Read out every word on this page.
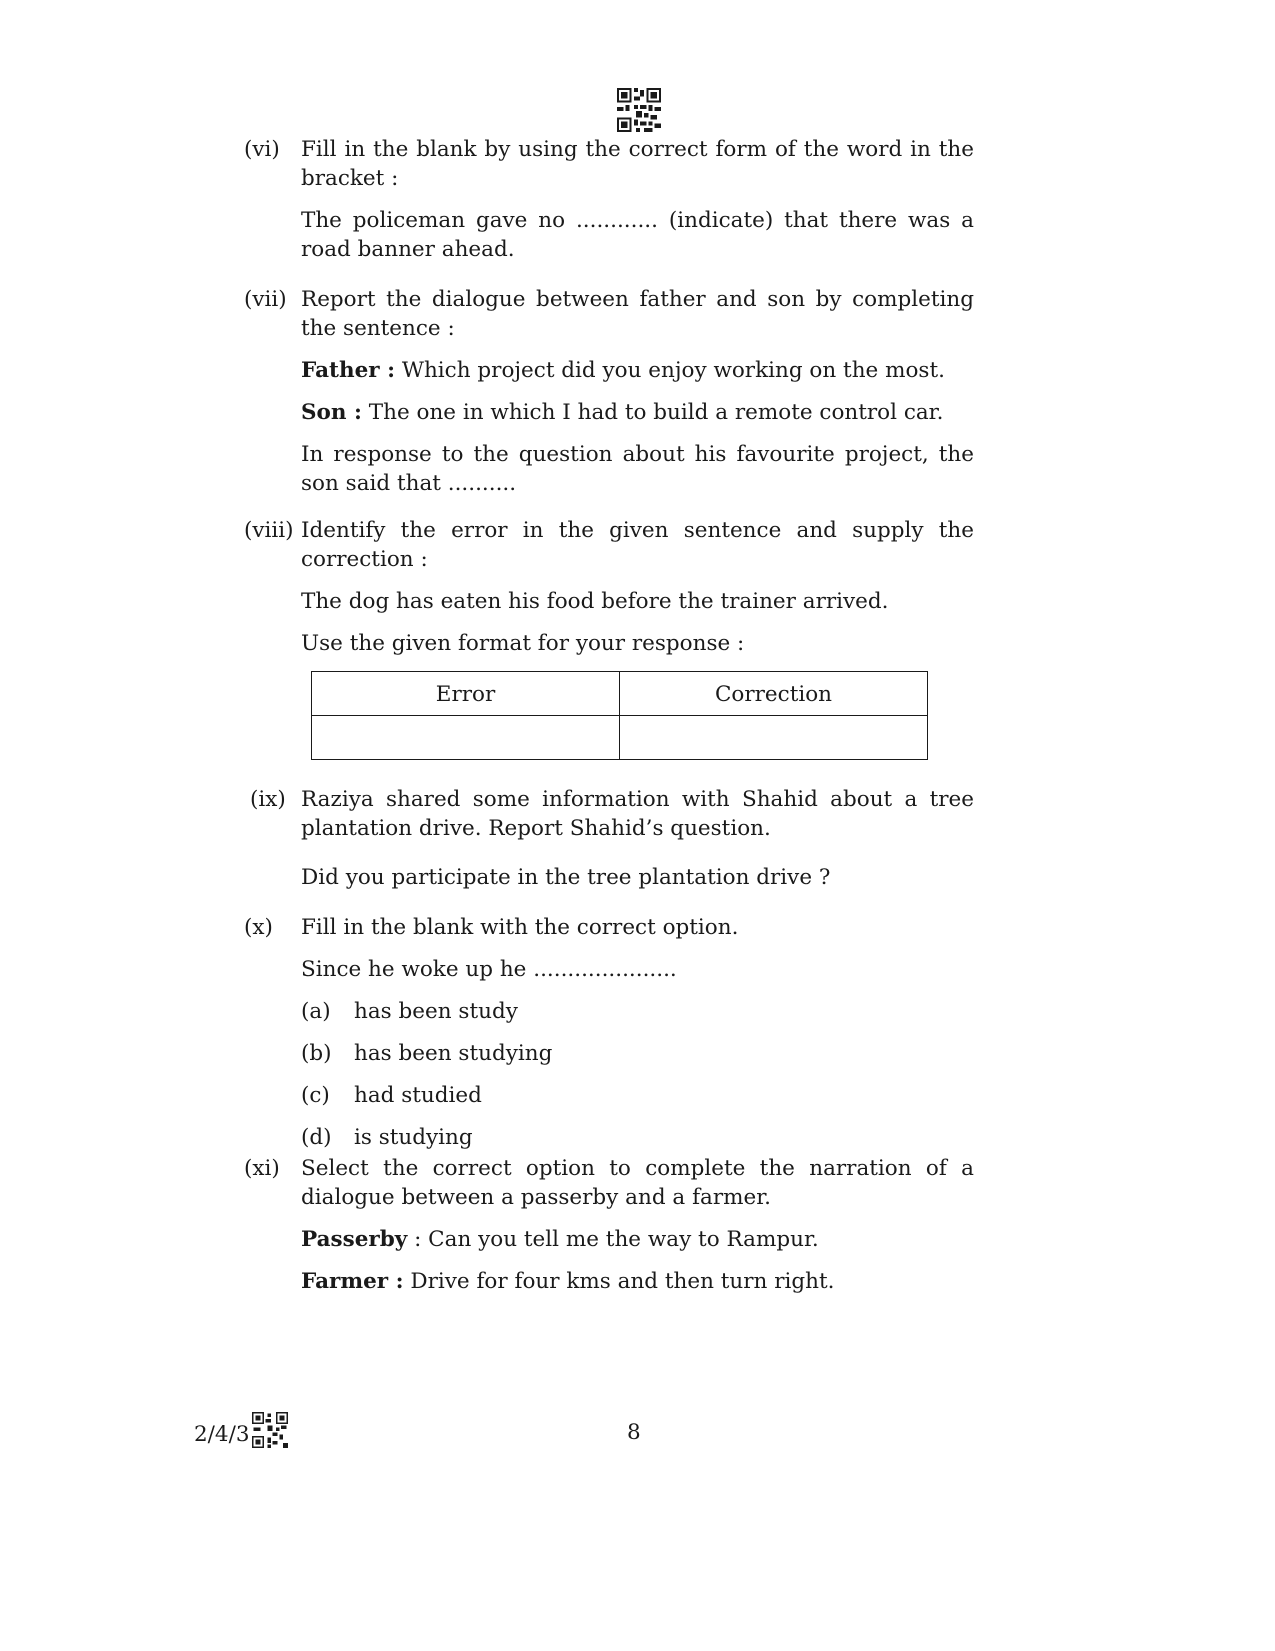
(vi) Fill in the blank by using the correct form of the word in the bracket :

The policeman gave no ............ (indicate) that there was a road banner ahead.

(vii) Report the dialogue between father and son by completing the sentence :

Father : Which project did you enjoy working on the most.

Son : The one in which I had to build a remote control car.

In response to the question about his favourite project, the son said that ..........

(viii) Identify the error in the given sentence and supply the correction :

The dog has eaten his food before the trainer arrived.

Use the given format for your response :

Error	Correction

(ix) Raziya shared some information with Shahid about a tree plantation drive. Report Shahid’s question.

Did you participate in the tree plantation drive ?

(x) Fill in the blank with the correct option.

Since he woke up he .....................

(a)	has been study
(b)	has been studying
(c)	had studied
(d)	is studying
(xi) Select the correct option to complete the narration of a dialogue between a passerby and a farmer.

Passerby : Can you tell me the way to Rampur.

Farmer : Drive for four kms and then turn right.

2/4/3	8
